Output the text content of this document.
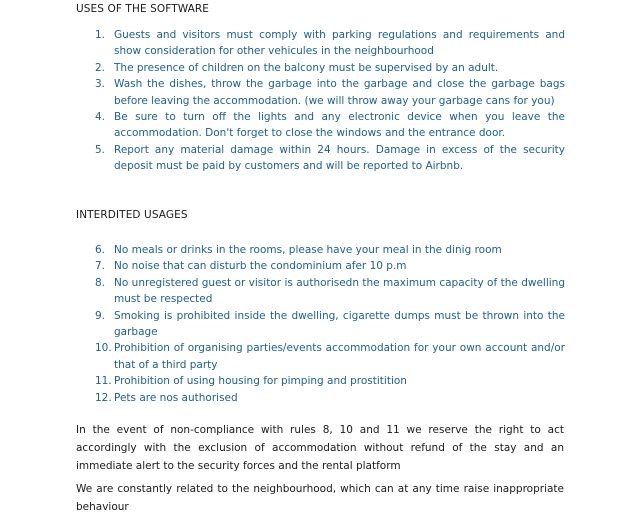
USES OF THE SOFTWARE
1. Guests and visitors must comply with parking regulations and requirements and show consideration for other vehicules in the neighbourhood
2. The presence of children on the balcony must be supervised by an adult.
3. Wash the dishes, throw the garbage into the garbage and close the garbage bags before leaving the accommodation. (we will throw away your garbage cans for you)
4. Be sure to turn off the lights and any electronic device when you leave the accommodation. Don't forget to close the windows and the entrance door.
5. Report any material damage within 24 hours. Damage in excess of the security deposit must be paid by customers and will be reported to Airbnb.
INTERDITED USAGES
6. No meals or drinks in the rooms, please have your meal in the dinig room
7. No noise that can disturb the condominium afer 10 p.m
8. No unregistered guest or visitor is authorisedn the maximum capacity of the dwelling must be respected
9. Smoking is prohibited inside the dwelling, cigarette dumps must be thrown into the garbage
10. Prohibition of organising parties/events accommodation for your own account and/or that of a third party
11. Prohibition of using housing for pimping and prostitition
12. Pets are nos authorised

In the event of non-compliance with rules 8, 10 and 11 we reserve the right to act accordingly with the exclusion of accommodation without refund of the stay and an immediate alert to the security forces and the rental platform

We are constantly related to the neighbourhood, which can at any time raise inappropriate behaviour
